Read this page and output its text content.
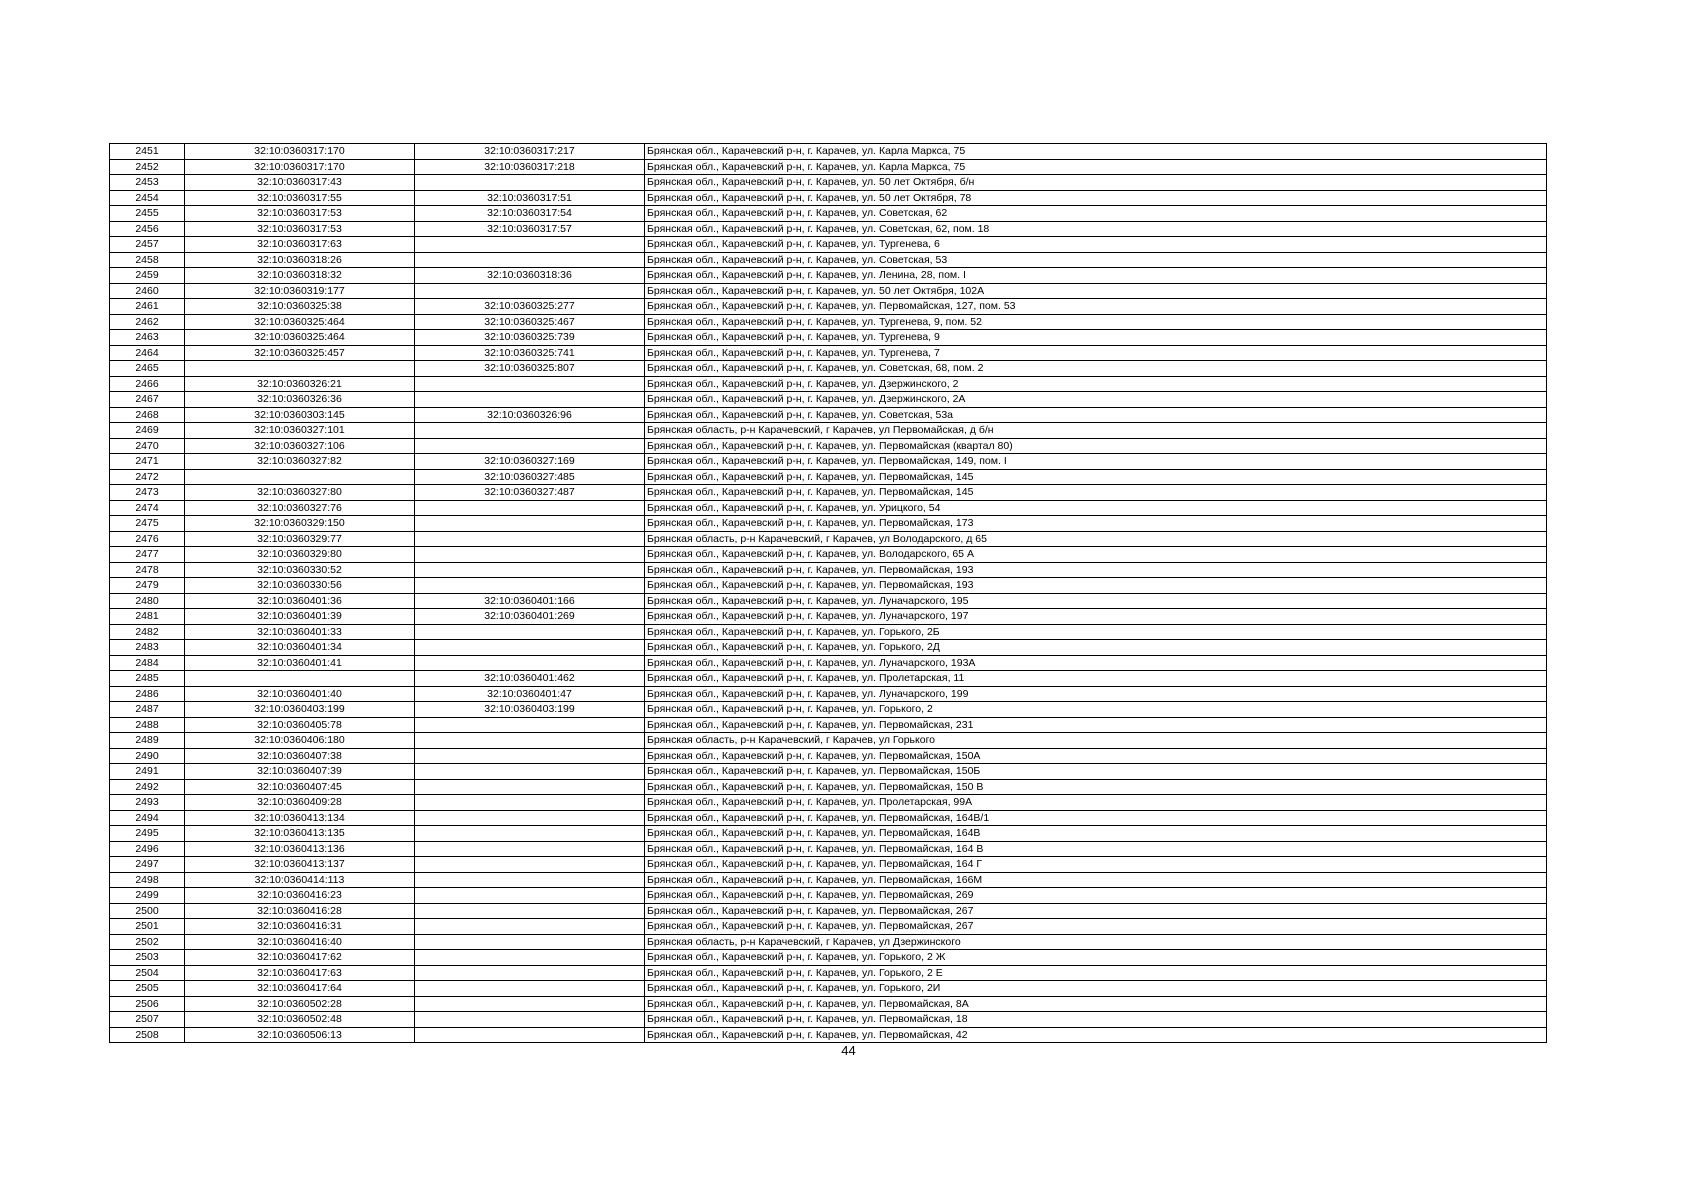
2451	32:10:0360317:170	32:10:0360317:217	Брянская обл., Карачевский р-н, г. Карачев, ул. Карла Маркса, 75
2452	32:10:0360317:170	32:10:0360317:218	Брянская обл., Карачевский р-н, г. Карачев, ул. Карла Маркса, 75
2453	32:10:0360317:43		Брянская обл., Карачевский р-н, г. Карачев, ул. 50 лет Октября, б/н
2454	32:10:0360317:55	32:10:0360317:51	Брянская обл., Карачевский р-н, г. Карачев, ул. 50 лет Октября, 78
2455	32:10:0360317:53	32:10:0360317:54	Брянская обл., Карачевский р-н, г. Карачев, ул. Советская, 62
2456	32:10:0360317:53	32:10:0360317:57	Брянская обл., Карачевский р-н, г. Карачев, ул. Советская, 62, пом. 18
2457	32:10:0360317:63		Брянская обл., Карачевский р-н, г. Карачев, ул. Тургенева, 6
2458	32:10:0360318:26		Брянская обл., Карачевский р-н, г. Карачев, ул. Советская, 53
2459	32:10:0360318:32	32:10:0360318:36	Брянская обл., Карачевский р-н, г. Карачев, ул. Ленина, 28, пом. I
2460	32:10:0360319:177		Брянская обл., Карачевский р-н, г. Карачев, ул. 50 лет Октября, 102А
2461	32:10:0360325:38	32:10:0360325:277	Брянская обл., Карачевский р-н, г. Карачев, ул. Первомайская, 127, пом. 53
2462	32:10:0360325:464	32:10:0360325:467	Брянская обл., Карачевский р-н, г. Карачев, ул. Тургенева, 9, пом. 52
2463	32:10:0360325:464	32:10:0360325:739	Брянская обл., Карачевский р-н, г. Карачев, ул. Тургенева, 9
2464	32:10:0360325:457	32:10:0360325:741	Брянская обл., Карачевский р-н, г. Карачев, ул. Тургенева, 7
2465		32:10:0360325:807	Брянская обл., Карачевский р-н, г. Карачев, ул. Советская, 68, пом. 2
2466	32:10:0360326:21		Брянская обл., Карачевский р-н, г. Карачев, ул. Дзержинского, 2
2467	32:10:0360326:36		Брянская обл., Карачевский р-н, г. Карачев, ул. Дзержинского, 2А
2468	32:10:0360303:145	32:10:0360326:96	Брянская обл., Карачевский р-н, г. Карачев, ул. Советская, 53а
2469	32:10:0360327:101		Брянская область, р-н Карачевский, г Карачев, ул Первомайская, д б/н
2470	32:10:0360327:106		Брянская обл., Карачевский р-н, г. Карачев, ул. Первомайская (квартал 80)
2471	32:10:0360327:82	32:10:0360327:169	Брянская обл., Карачевский р-н, г. Карачев, ул. Первомайская, 149, пом. I
2472		32:10:0360327:485	Брянская обл., Карачевский р-н, г. Карачев, ул. Первомайская, 145
2473	32:10:0360327:80	32:10:0360327:487	Брянская обл., Карачевский р-н, г. Карачев, ул. Первомайская, 145
2474	32:10:0360327:76		Брянская обл., Карачевский р-н, г. Карачев, ул. Урицкого, 54
2475	32:10:0360329:150		Брянская обл., Карачевский р-н, г. Карачев, ул. Первомайская, 173
2476	32:10:0360329:77		Брянская область, р-н Карачевский, г Карачев, ул Володарского, д 65
2477	32:10:0360329:80		Брянская обл., Карачевский р-н, г. Карачев, ул. Володарского, 65 А
2478	32:10:0360330:52		Брянская обл., Карачевский р-н, г. Карачев, ул. Первомайская, 193
2479	32:10:0360330:56		Брянская обл., Карачевский р-н, г. Карачев, ул. Первомайская, 193
2480	32:10:0360401:36	32:10:0360401:166	Брянская обл., Карачевский р-н, г. Карачев, ул. Луначарского, 195
2481	32:10:0360401:39	32:10:0360401:269	Брянская обл., Карачевский р-н, г. Карачев, ул. Луначарского, 197
2482	32:10:0360401:33		Брянская обл., Карачевский р-н, г. Карачев, ул. Горького, 2Б
2483	32:10:0360401:34		Брянская обл., Карачевский р-н, г. Карачев, ул. Горького, 2Д
2484	32:10:0360401:41		Брянская обл., Карачевский р-н, г. Карачев, ул. Луначарского, 193А
2485		32:10:0360401:462	Брянская обл., Карачевский р-н, г. Карачев, ул. Пролетарская, 11
2486	32:10:0360401:40	32:10:0360401:47	Брянская обл., Карачевский р-н, г. Карачев, ул. Луначарского, 199
2487	32:10:0360403:199	32:10:0360403:199	Брянская обл., Карачевский р-н, г. Карачев, ул. Горького, 2
2488	32:10:0360405:78		Брянская обл., Карачевский р-н, г. Карачев, ул. Первомайская, 231
2489	32:10:0360406:180		Брянская область, р-н Карачевский, г Карачев, ул Горького
2490	32:10:0360407:38		Брянская обл., Карачевский р-н, г. Карачев, ул. Первомайская, 150А
2491	32:10:0360407:39		Брянская обл., Карачевский р-н, г. Карачев, ул. Первомайская, 150Б
2492	32:10:0360407:45		Брянская обл., Карачевский р-н, г. Карачев, ул. Первомайская, 150 В
2493	32:10:0360409:28		Брянская обл., Карачевский р-н, г. Карачев, ул. Пролетарская, 99А
2494	32:10:0360413:134		Брянская обл., Карачевский р-н, г. Карачев, ул. Первомайская, 164В/1
2495	32:10:0360413:135		Брянская обл., Карачевский р-н, г. Карачев, ул. Первомайская, 164В
2496	32:10:0360413:136		Брянская обл., Карачевский р-н, г. Карачев, ул. Первомайская, 164 В
2497	32:10:0360413:137		Брянская обл., Карачевский р-н, г. Карачев, ул. Первомайская, 164 Г
2498	32:10:0360414:113		Брянская обл., Карачевский р-н, г. Карачев, ул. Первомайская, 166М
2499	32:10:0360416:23		Брянская обл., Карачевский р-н, г. Карачев, ул. Первомайская, 269
2500	32:10:0360416:28		Брянская обл., Карачевский р-н, г. Карачев, ул. Первомайская, 267
2501	32:10:0360416:31		Брянская обл., Карачевский р-н, г. Карачев, ул. Первомайская, 267
2502	32:10:0360416:40		Брянская область, р-н Карачевский, г Карачев, ул Дзержинского
2503	32:10:0360417:62		Брянская обл., Карачевский р-н, г. Карачев, ул. Горького, 2 Ж
2504	32:10:0360417:63		Брянская обл., Карачевский р-н, г. Карачев, ул. Горького, 2 Е
2505	32:10:0360417:64		Брянская обл., Карачевский р-н, г. Карачев, ул. Горького, 2И
2506	32:10:0360502:28		Брянская обл., Карачевский р-н, г. Карачев, ул. Первомайская, 8А
2507	32:10:0360502:48		Брянская обл., Карачевский р-н, г. Карачев, ул. Первомайская, 18
2508	32:10:0360506:13		Брянская обл., Карачевский р-н, г. Карачев, ул. Первомайская, 42
44
